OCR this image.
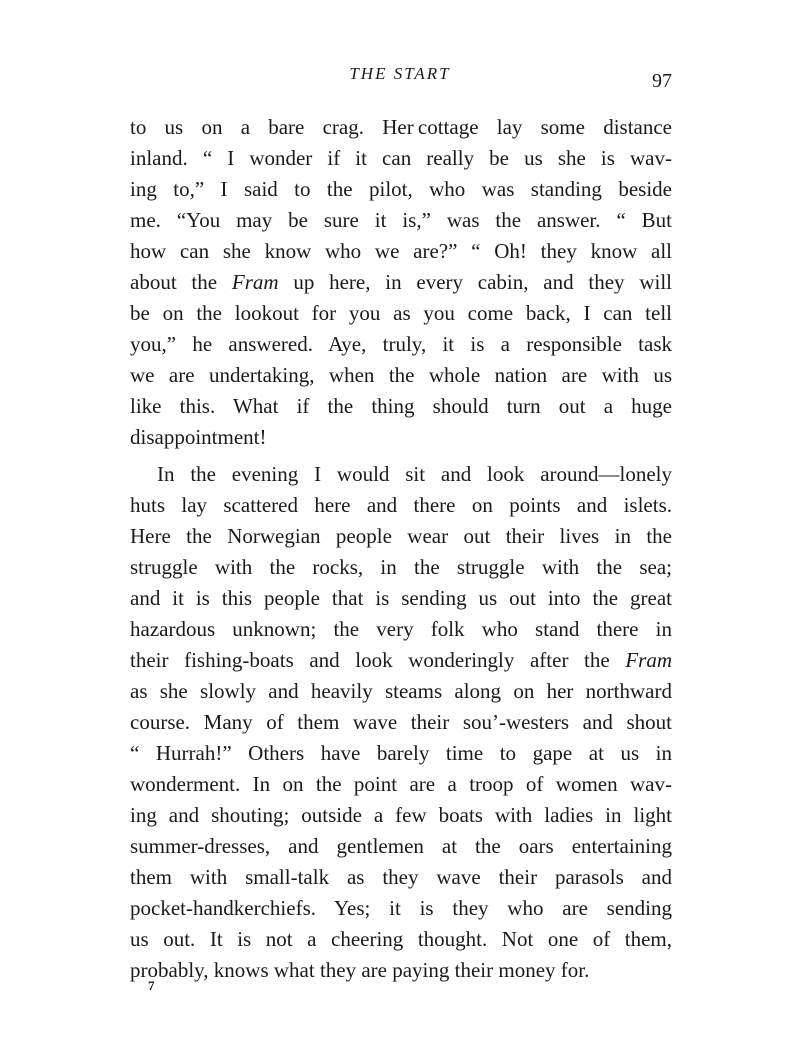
THE START	97
to us on a bare crag. Her cottage lay some distance
inland. “ I wonder if it can really be us she is wav-
ing to,” I said to the pilot, who was standing beside
me. “You may be sure it is,” was the answer. “ But
how can she know who we are?” “ Oh! they know all
about the Fram up here, in every cabin, and they will
be on the lookout for you as you come back, I can tell
you,” he answered. Aye, truly, it is a responsible task
we are undertaking, when the whole nation are with us
like this. What if the thing should turn out a huge
disappointment!
In the evening I would sit and look around—lonely
huts lay scattered here and there on points and islets.
Here the Norwegian people wear out their lives in the
struggle with the rocks, in the struggle with the sea;
and it is this people that is sending us out into the great
hazardous unknown; the very folk who stand there in
their fishing-boats and look wonderingly after the Fram
as she slowly and heavily steams along on her northward
course. Many of them wave their sou’-westers and shout
“ Hurrah!” Others have barely time to gape at us in
wonderment. In on the point are a troop of women wav-
ing and shouting; outside a few boats with ladies in light
summer-dresses, and gentlemen at the oars entertaining
them with small-talk as they wave their parasols and
pocket-handkerchiefs. Yes; it is they who are sending
us out. It is not a cheering thought. Not one of them,
probably, knows what they are paying their money for.
7
